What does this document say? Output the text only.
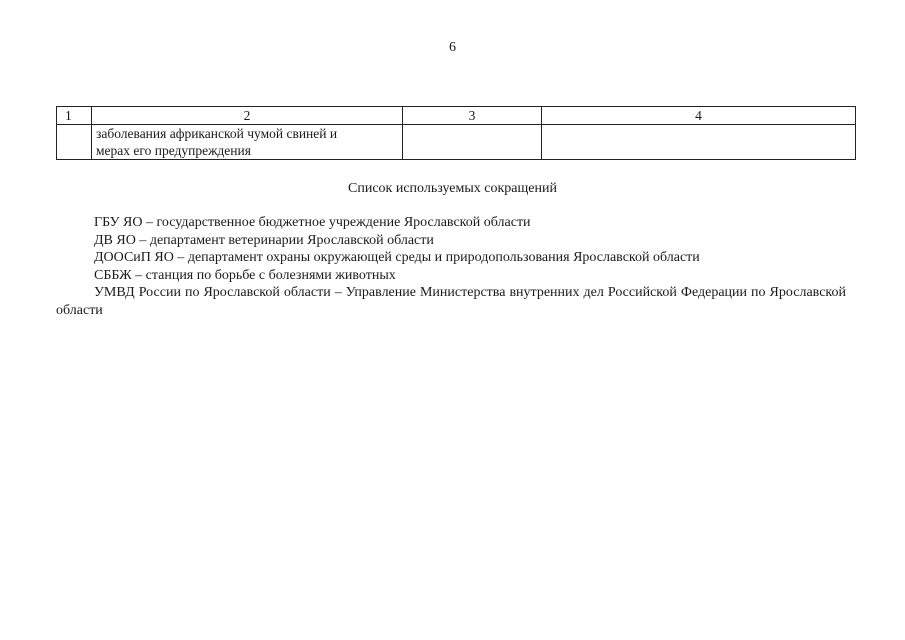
6
1	2	3	4

	заболевания африканской чумой свиней и
мерах его предупреждения		

Список используемых сокращений
ГБУ ЯО – государственное бюджетное учреждение Ярославской области
ДВ ЯО – департамент ветеринарии Ярославской области
ДООСиП ЯО – департамент охраны окружающей среды и природопользования Ярославской области
СББЖ – станция по борьбе с болезнями животных
УМВД России по Ярославской области – Управление Министерства внутренних дел Российской Федерации по Ярославской области
